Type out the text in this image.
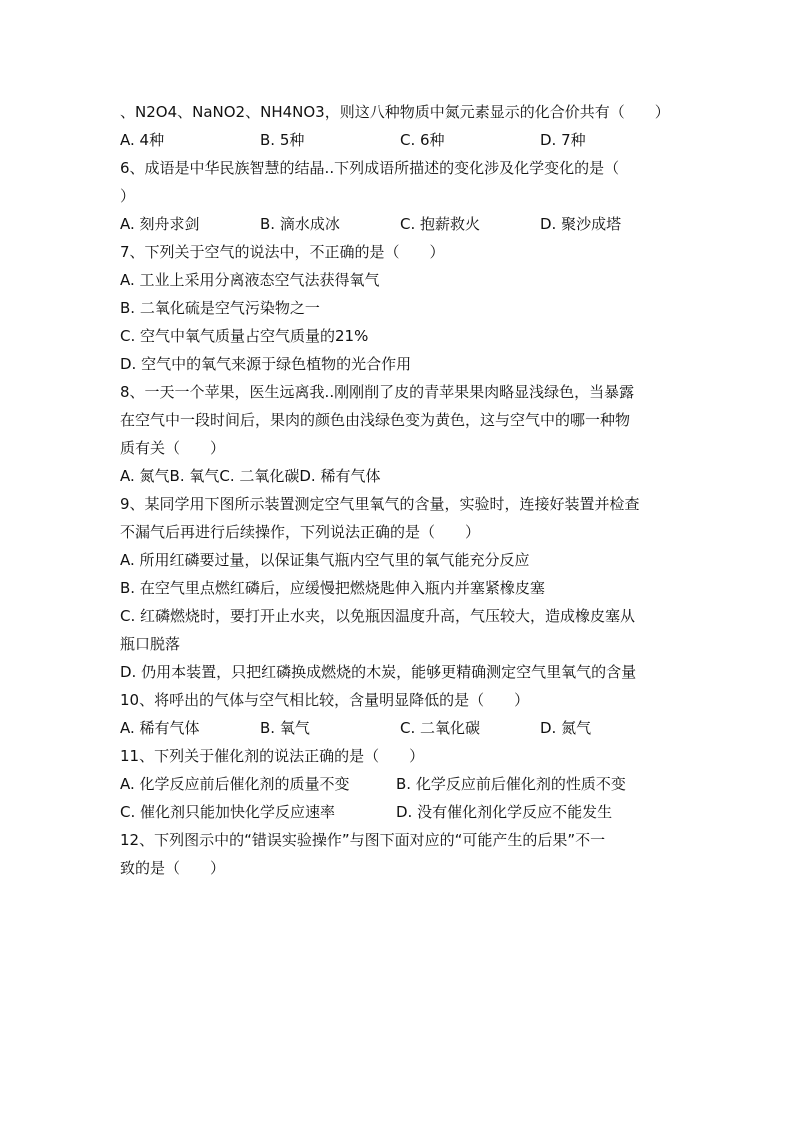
、N2O4、NaNO2、NH4NO3，则这八种物质中氮元素显示的化合价共有（　　）
A. 4种	B. 5种	C. 6种	D. 7种
6、成语是中华民族智慧的结晶..下列成语所描述的变化涉及化学变化的是（
）
A. 刻舟求剑	B. 滴水成冰	C. 抱薪救火	D. 聚沙成塔
7、下列关于空气的说法中，不正确的是（　　）
A. 工业上采用分离液态空气法获得氧气
B. 二氧化硫是空气污染物之一
C. 空气中氧气质量占空气质量的21%
D. 空气中的氧气来源于绿色植物的光合作用
8、一天一个苹果，医生远离我..刚刚削了皮的青苹果果肉略显浅绿色，当暴露
在空气中一段时间后，果肉的颜色由浅绿色变为黄色，这与空气中的哪一种物
质有关（　　）
A. 氮气B. 氧气C. 二氧化碳D. 稀有气体
9、某同学用下图所示装置测定空气里氧气的含量，实验时，连接好装置并检查
不漏气后再进行后续操作，下列说法正确的是（　　）
A. 所用红磷要过量，以保证集气瓶内空气里的氧气能充分反应
B. 在空气里点燃红磷后，应缓慢把燃烧匙伸入瓶内并塞紧橡皮塞
C. 红磷燃烧时，要打开止水夹，以免瓶因温度升高，气压较大，造成橡皮塞从
瓶口脱落
D. 仍用本装置，只把红磷换成燃烧的木炭，能够更精确测定空气里氧气的含量
10、将呼出的气体与空气相比较，含量明显降低的是（　　）
A. 稀有气体	B. 氧气	C. 二氧化碳	D. 氮气
11、下列关于催化剂的说法正确的是（　　）
A. 化学反应前后催化剂的质量不变	B. 化学反应前后催化剂的性质不变
C. 催化剂只能加快化学反应速率	D. 没有催化剂化学反应不能发生
12、下列图示中的“错误实验操作”与图下面对应的“可能产生的后果”不一
致的是（　　）
